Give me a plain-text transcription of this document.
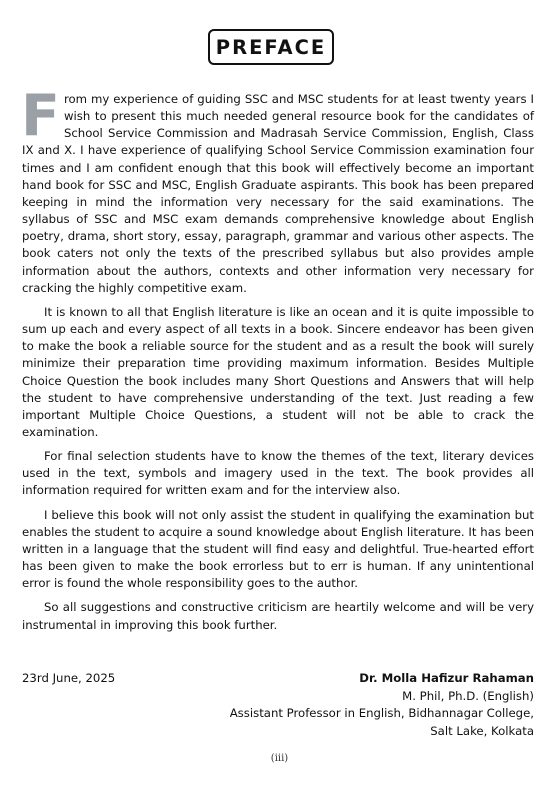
PREFACE

From my experience of guiding SSC and MSC students for at least twenty years I wish to present this much needed general resource book for the candidates of School Service Commission and Madrasah Service Commission, English, Class IX and X. I have experience of qualifying School Service Commission examination four times and I am confident enough that this book will effectively become an important hand book for SSC and MSC, English Graduate aspirants. This book has been prepared keeping in mind the information very necessary for the said examinations. The syllabus of SSC and MSC exam demands comprehensive knowledge about English poetry, drama, short story, essay, paragraph, grammar and various other aspects. The book caters not only the texts of the prescribed syllabus but also provides ample information about the authors, contexts and other information very necessary for cracking the highly competitive exam.

It is known to all that English literature is like an ocean and it is quite impossible to sum up each and every aspect of all texts in a book. Sincere endeavor has been given to make the book a reliable source for the student and as a result the book will surely minimize their preparation time providing maximum information. Besides Multiple Choice Question the book includes many Short Questions and Answers that will help the student to have comprehensive understanding of the text. Just reading a few important Multiple Choice Questions, a student will not be able to crack the examination.

For final selection students have to know the themes of the text, literary devices used in the text, symbols and imagery used in the text. The book provides all information required for written exam and for the interview also.

I believe this book will not only assist the student in qualifying the examination but enables the student to acquire a sound knowledge about English literature. It has been written in a language that the student will find easy and delightful. True-hearted effort has been given to make the book errorless but to err is human. If any unintentional error is found the whole responsibility goes to the author.

So all suggestions and constructive criticism are heartily welcome and will be very instrumental in improving this book further.

23rd June, 2025	Dr. Molla Hafizur Rahaman
M. Phil, Ph.D. (English)
Assistant Professor in English, Bidhannagar College,
Salt Lake, Kolkata
(iii)
